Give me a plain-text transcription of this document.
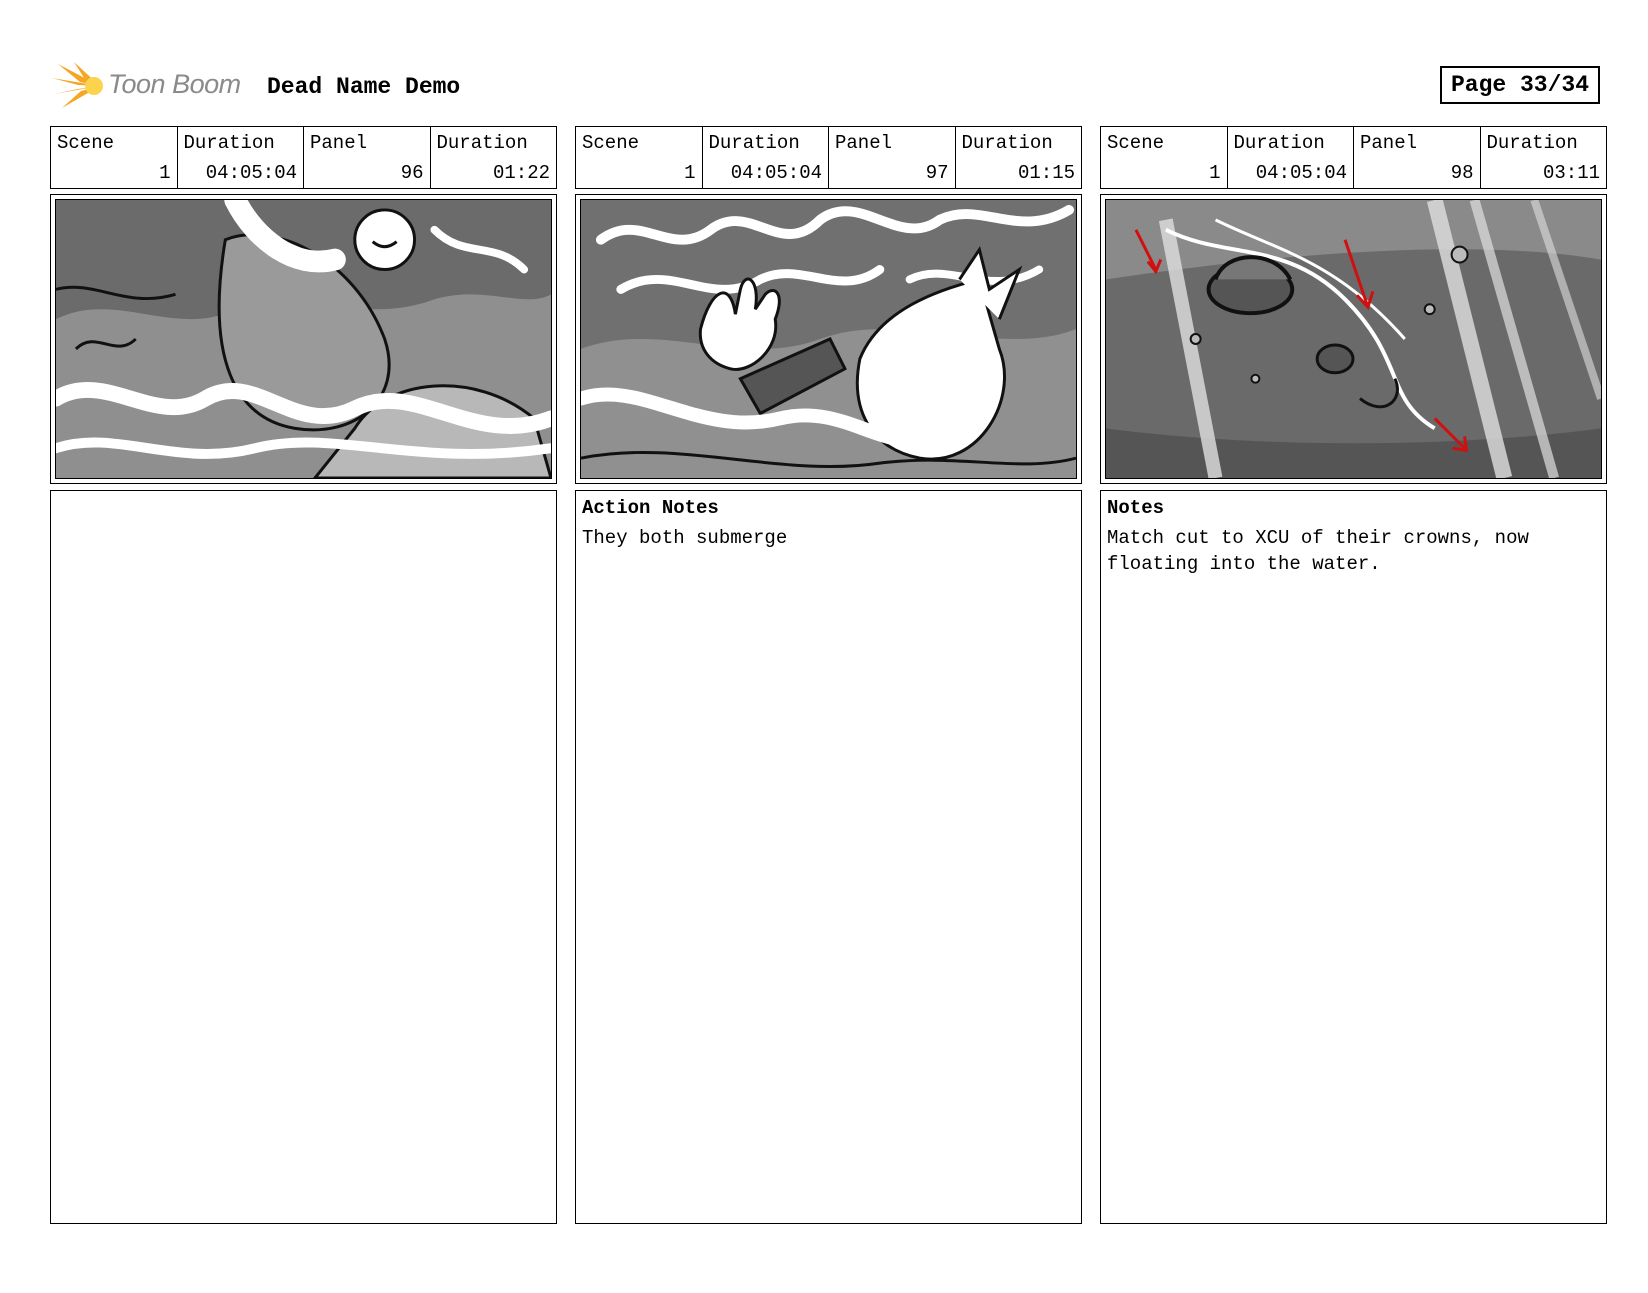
Toon Boom Dead Name Demo	Page 33/34
Scene
1
Duration
04:05:04
Panel
96
Duration
01:22
Scene
1
Duration
04:05:04
Panel
97
Duration
01:15
Action Notes
They both submerge
Scene
1
Duration
04:05:04
Panel
98
Duration
03:11
Notes
Match cut to XCU of their crowns, now
floating into the water.
